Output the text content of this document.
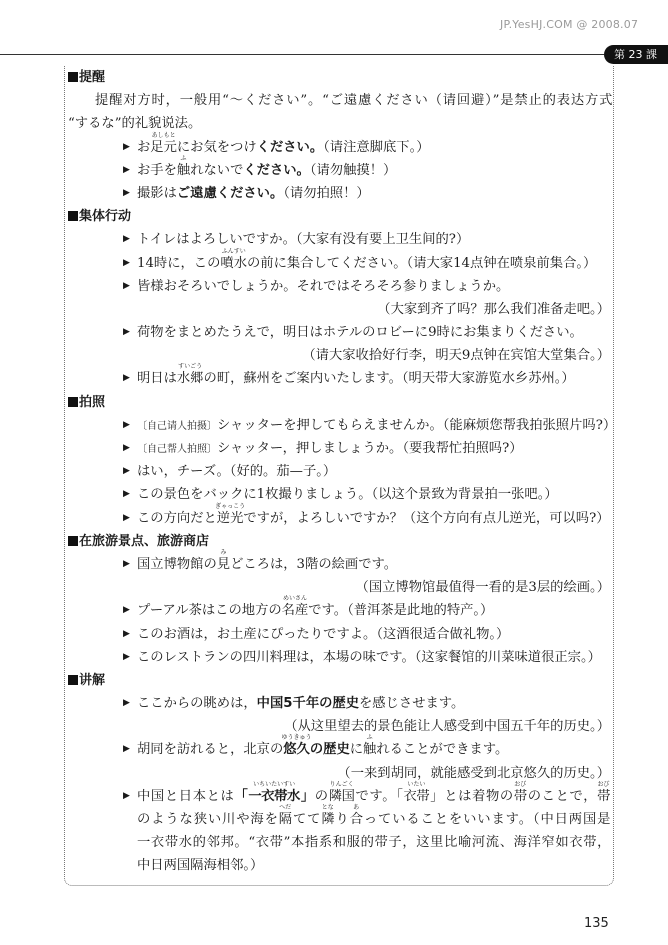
JP.YesHJ.COM @ 2008.07
第 23 課
提醒
提醒对方时，一般用“～ください”。“ご遠慮ください（请回避）”是禁止的表达方式
“するな”的礼貌说法。
▶ お足元
あしもと
にお気をつけください。（请注意脚底下。）
▶ お手を触
ふ
れないでください。（请勿触摸！）
▶ 撮影はご遠慮ください。（请勿拍照！）
集体行动
▶ トイレはよろしいですか。（大家有没有要上卫生间的?）
▶ 14時に，この噴水
ふんすい
の前に集合してください。（请大家14点钟在喷泉前集合。）
▶ 皆様おそろいでしょうか。それではそろそろ参りましょうか。
（大家到齐了吗？那么我们准备走吧。）
▶ 荷物をまとめたうえで，明日はホテルのロビーに9時にお集まりください。
（请大家收拾好行李，明天9点钟在宾馆大堂集合。）
▶ 明日は水郷
すいごう
の町，蘇州をご案内いたします。（明天带大家游览水乡苏州。）
拍照
▶ 〔自己请人拍摄〕シャッターを押してもらえませんか。（能麻烦您帮我拍张照片吗?）
▶ 〔自己帮人拍照〕シャッター，押しましょうか。（要我帮忙拍照吗?）
▶ はい，チーズ。（好的。茄—子。）
▶ この景色をバックに1枚撮りましょう。（以这个景致为背景拍一张吧。）
▶ この方向だと逆光
ぎゃっこう
ですが，よろしいですか？（这个方向有点儿逆光，可以吗?）
在旅游景点、旅游商店
▶ 国立博物館の見
み
どころは，3階の絵画です。
（国立博物馆最值得一看的是3层的绘画。）
▶ プーアル茶はこの地方の名産
めいさん
です。（普洱茶是此地的特产。）
▶ このお酒は，お土産にぴったりですよ。（这酒很适合做礼物。）
▶ このレストランの四川料理は，本場の味です。（这家餐馆的川菜味道很正宗。）
讲解
▶ ここからの眺めは，中国5千年の歴史を感じさせます。
（从这里望去的景色能让人感受到中国五千年的历史。）
▶ 胡同を訪れると，北京の悠久
ゆうきゅう
の歴史に触
ふ
れることができます。
（一来到胡同，就能感受到北京悠久的历史。）
▶ 中国と日本とは「一衣帯水
いちいたいすい
」の隣国
りんごく
です。「衣帯
いたい
」とは着物の帯
おび
のことで，帯
おび
のような狭い川や海を隔
へだ
てて隣
とな
り合
あ
っていることをいいます。（中日两国是
一衣带水的邻邦。“衣带”本指系和服的带子，这里比喻河流、海洋窄如衣带，
中日两国隔海相邻。）
135
